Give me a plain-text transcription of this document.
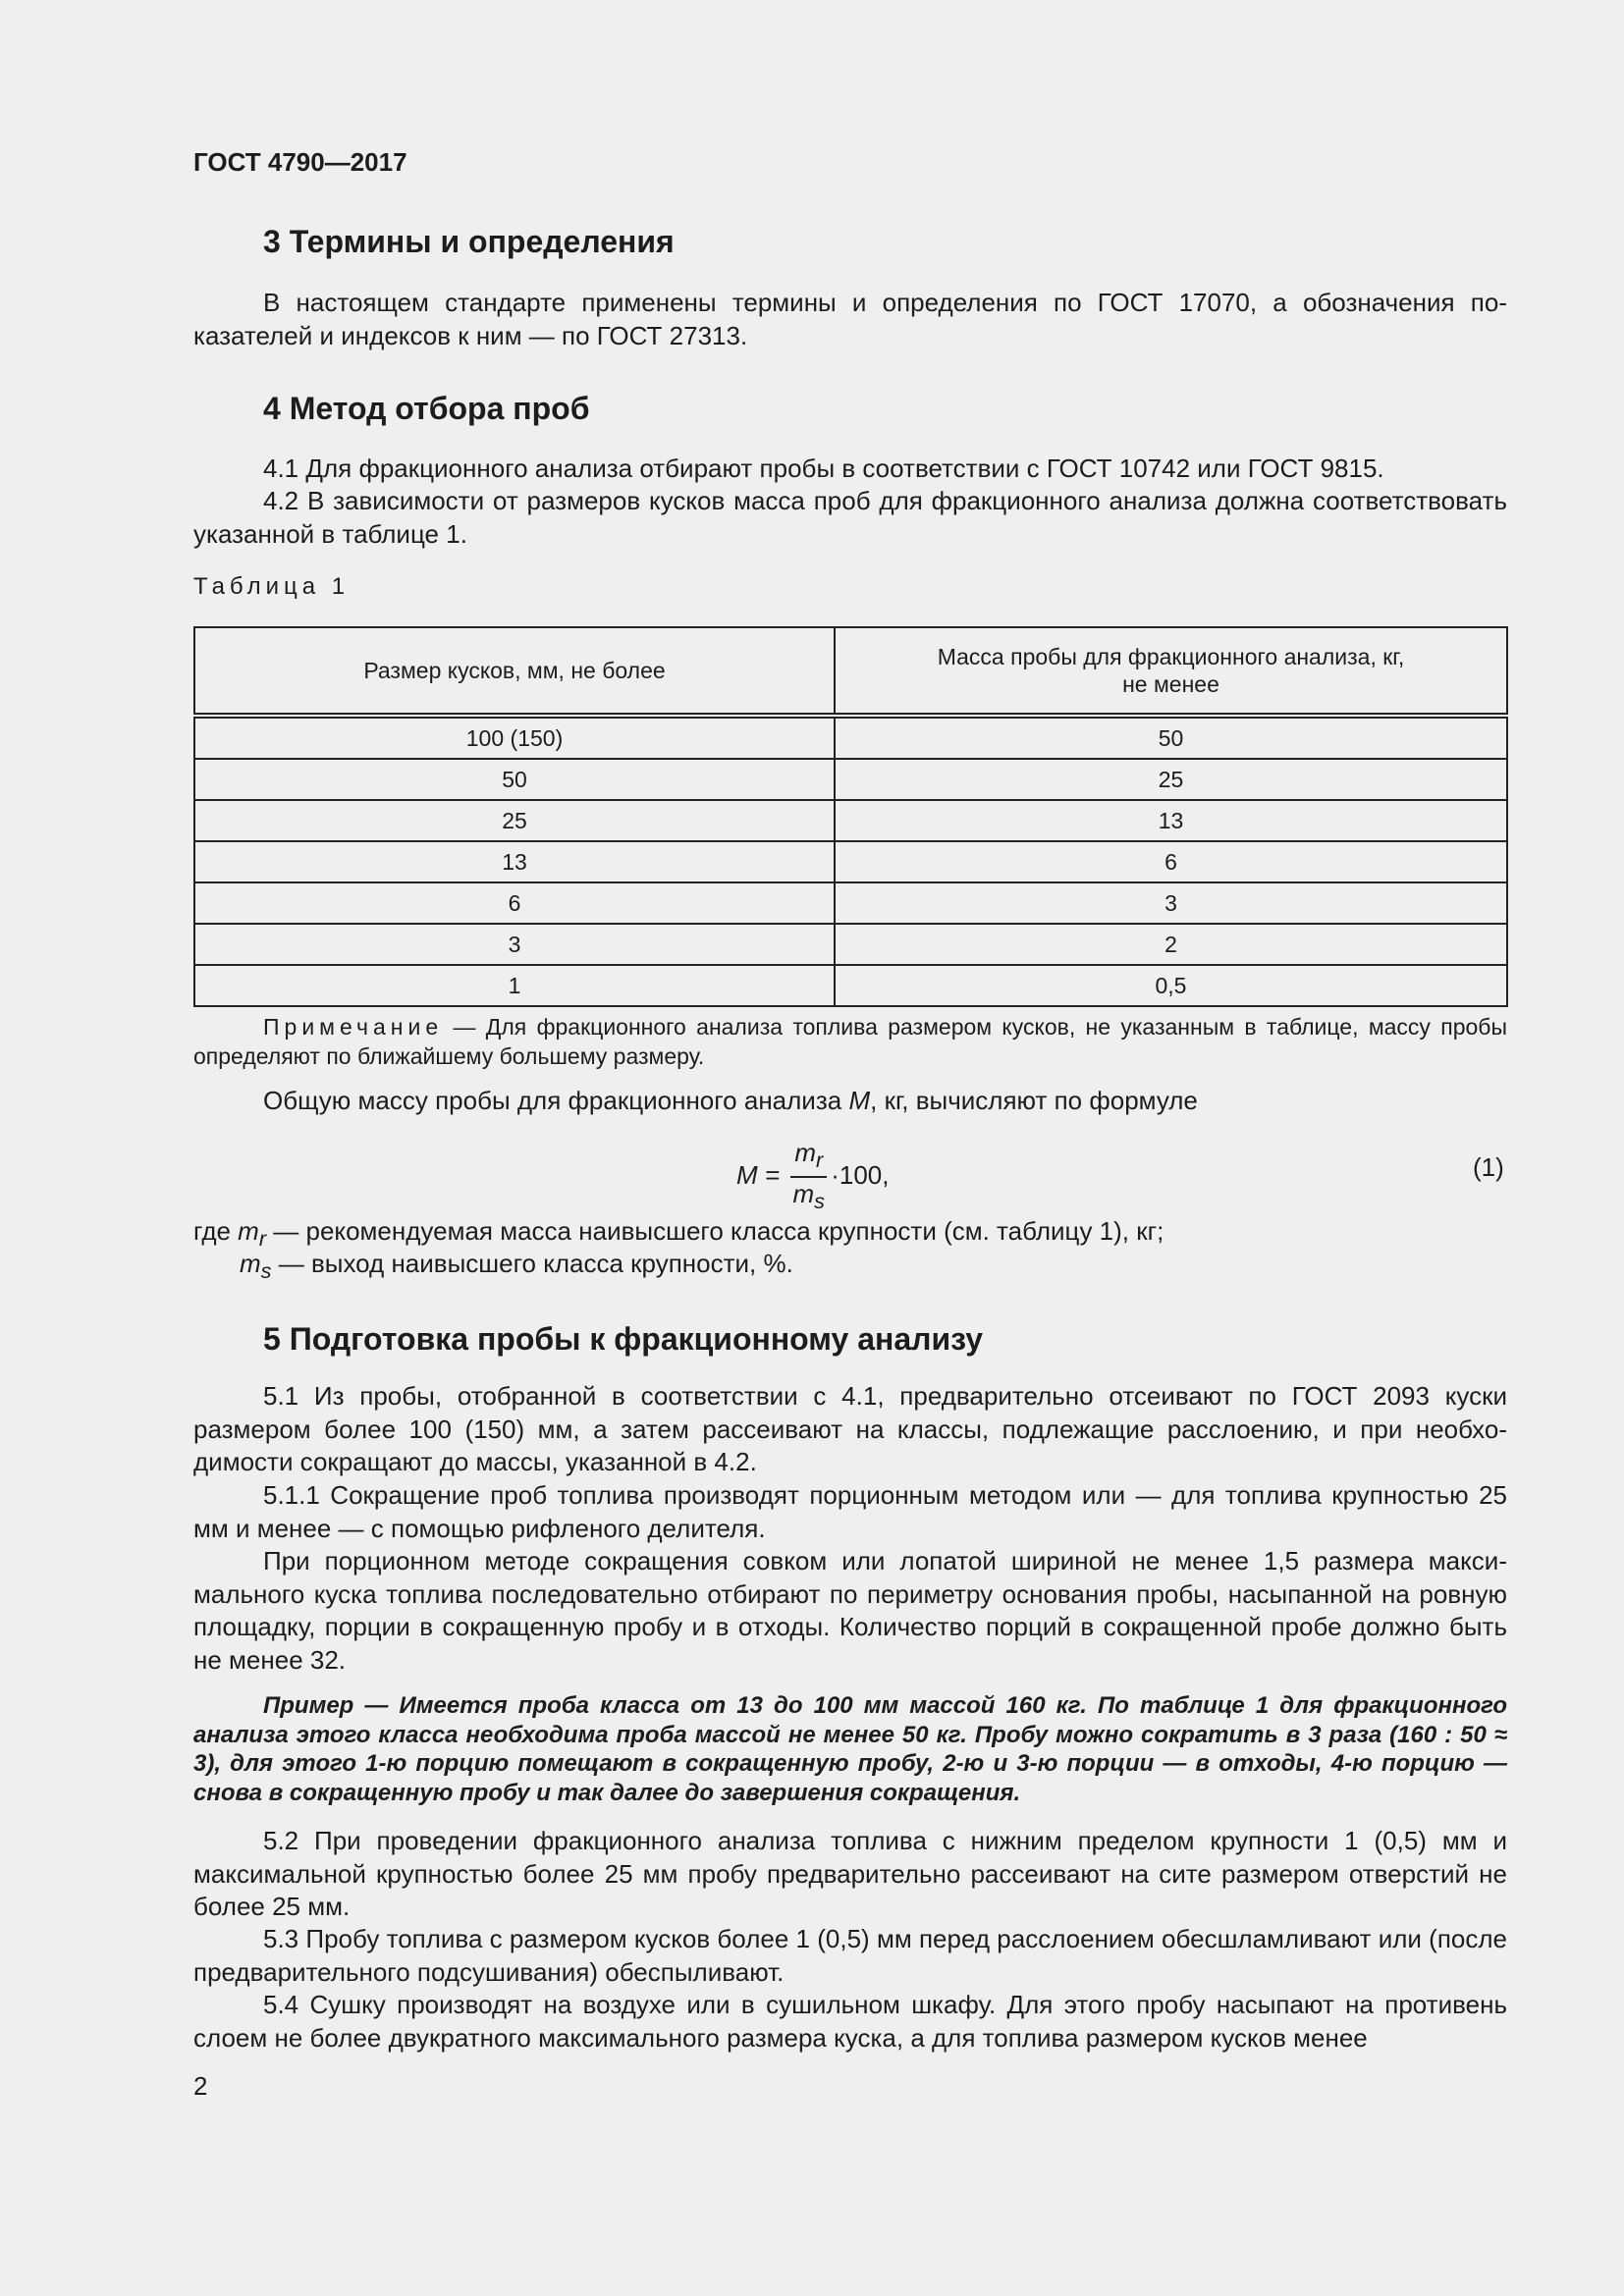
ГОСТ 4790—2017
3 Термины и определения
В настоящем стандарте применены термины и определения по ГОСТ 17070, а обозначения показателей и индексов к ним — по ГОСТ 27313.
4 Метод отбора проб
4.1 Для фракционного анализа отбирают пробы в соответствии с ГОСТ 10742 или ГОСТ 9815.
4.2 В зависимости от размеров кусков масса проб для фракционного анализа должна соответствовать указанной в таблице 1.
Таблица 1
Размер кусков, мм, не более	Масса пробы для фракционного анализа, кг,
не менее
100 (150)	50
50	25
25	13
13	6
6	3
3	2
1	0,5
Примечание — Для фракционного анализа топлива размером кусков, не указанным в таблице, массу пробы определяют по ближайшему большему размеру.
Общую массу пробы для фракционного анализа M, кг, вычисляют по формуле
$M = \frac{m_r}{m_s} \cdot 100$,	(1)
где $m_r$ — рекомендуемая масса наивысшего класса крупности (см. таблицу 1), кг;
$m_s$ — выход наивысшего класса крупности, %.
5 Подготовка пробы к фракционному анализу
5.1 Из пробы, отобранной в соответствии с 4.1, предварительно отсеивают по ГОСТ 2093 куски размером более 100 (150) мм, а затем рассеивают на классы, подлежащие расслоению, и при необходимости сокращают до массы, указанной в 4.2.
5.1.1 Сокращение проб топлива производят порционным методом или — для топлива крупностью 25 мм и менее — с помощью рифленого делителя.
При порционном методе сокращения совком или лопатой шириной не менее 1,5 размера максимального куска топлива последовательно отбирают по периметру основания пробы, насыпанной на ровную площадку, порции в сокращенную пробу и в отходы. Количество порций в сокращенной пробе должно быть не менее 32.
Пример — Имеется проба класса от 13 до 100 мм массой 160 кг. По таблице 1 для фракционного анализа этого класса необходима проба массой не менее 50 кг. Пробу можно сократить в 3 раза (160 : 50 ≈ 3), для этого 1-ю порцию помещают в сокращенную пробу, 2-ю и 3-ю порции — в отходы, 4-ю порцию — снова в сокращенную пробу и так далее до завершения сокращения.
5.2 При проведении фракционного анализа топлива с нижним пределом крупности 1 (0,5) мм и максимальной крупностью более 25 мм пробу предварительно рассеивают на сите размером отверстий не более 25 мм.
5.3 Пробу топлива с размером кусков более 1 (0,5) мм перед расслоением обесшламливают или (после предварительного подсушивания) обеспыливают.
5.4 Сушку производят на воздухе или в сушильном шкафу. Для этого пробу насыпают на противень слоем не более двукратного максимального размера куска, а для топлива размером кусков менее
2
